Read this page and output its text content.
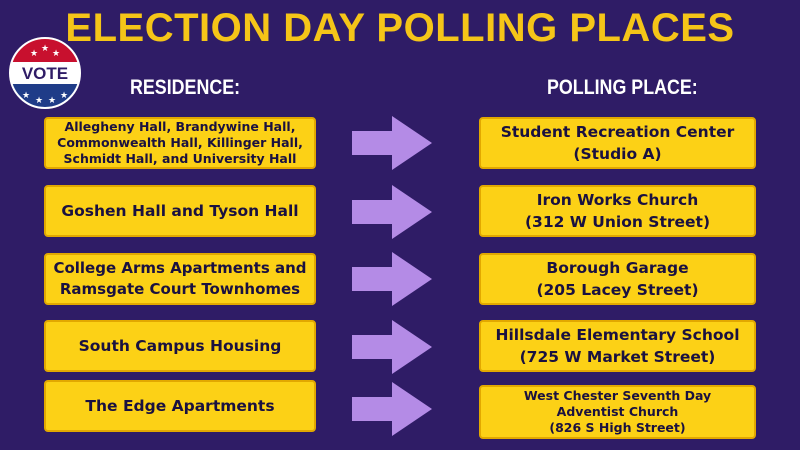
ELECTION DAY POLLING PLACES
★ ★ ★
★ ★ ★ ★
VOTE
RESIDENCE:	POLLING PLACE:
Allegheny Hall, Brandywine Hall,
Commonwealth Hall, Killinger Hall,
Schmidt Hall, and University Hall
Student Recreation Center
(Studio A)
Goshen Hall and Tyson Hall
Iron Works Church
(312 W Union Street)
College Arms Apartments and
Ramsgate Court Townhomes
Borough Garage
(205 Lacey Street)
South Campus Housing
Hillsdale Elementary School
(725 W Market Street)
The Edge Apartments
West Chester Seventh Day
Adventist Church
(826 S High Street)
